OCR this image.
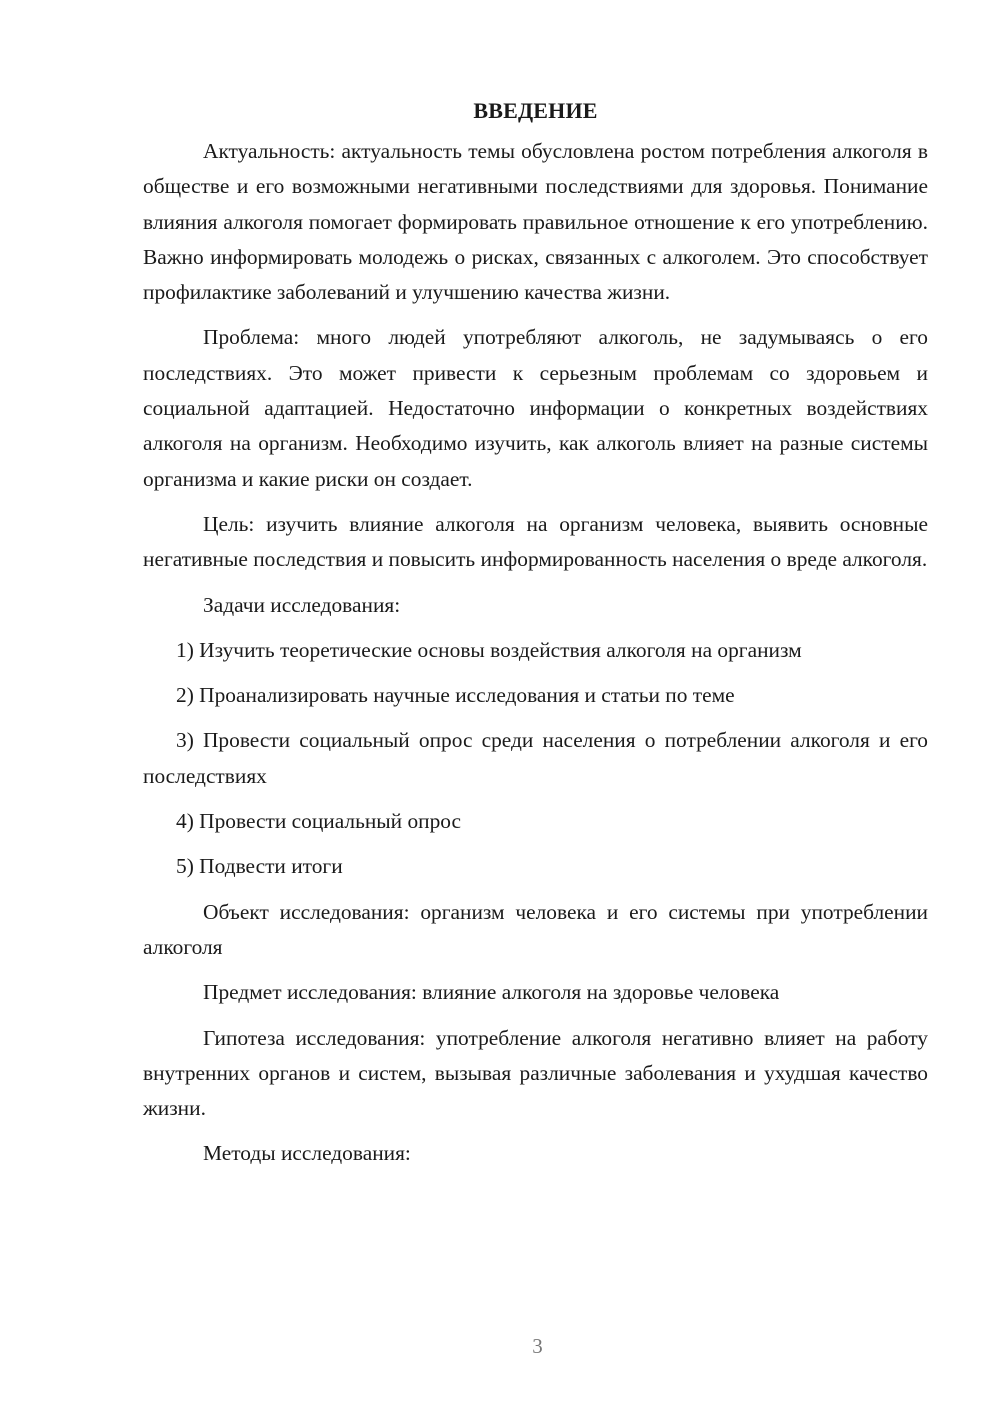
ВВЕДЕНИЕ

Актуальность: актуальность темы обусловлена ростом потребления алкоголя в обществе и его возможными негативными последствиями для здоровья. Понимание влияния алкоголя помогает формировать правильное отношение к его употреблению. Важно информировать молодежь о рисках, связанных с алкоголем. Это способствует профилактике заболеваний и улучшению качества жизни.

Проблема: много людей употребляют алкоголь, не задумываясь о его последствиях. Это может привести к серьезным проблемам со здоровьем и социальной адаптацией. Недостаточно информации о конкретных воздействиях алкоголя на организм. Необходимо изучить, как алкоголь влияет на разные системы организма и какие риски он создает.

Цель: изучить влияние алкоголя на организм человека, выявить основные негативные последствия и повысить информированность населения о вреде алкоголя.

Задачи исследования:

1) Изучить теоретические основы воздействия алкоголя на организм

2) Проанализировать научные исследования и статьи по теме

3) Провести социальный опрос среди населения о потреблении алкоголя и его последствиях

4) Провести социальный опрос

5) Подвести итоги

Объект исследования: организм человека и его системы при употреблении алкоголя

Предмет исследования: влияние алкоголя на здоровье человека

Гипотеза исследования: употребление алкоголя негативно влияет на работу внутренних органов и систем, вызывая различные заболевания и ухудшая качество жизни.

Методы исследования:

3
